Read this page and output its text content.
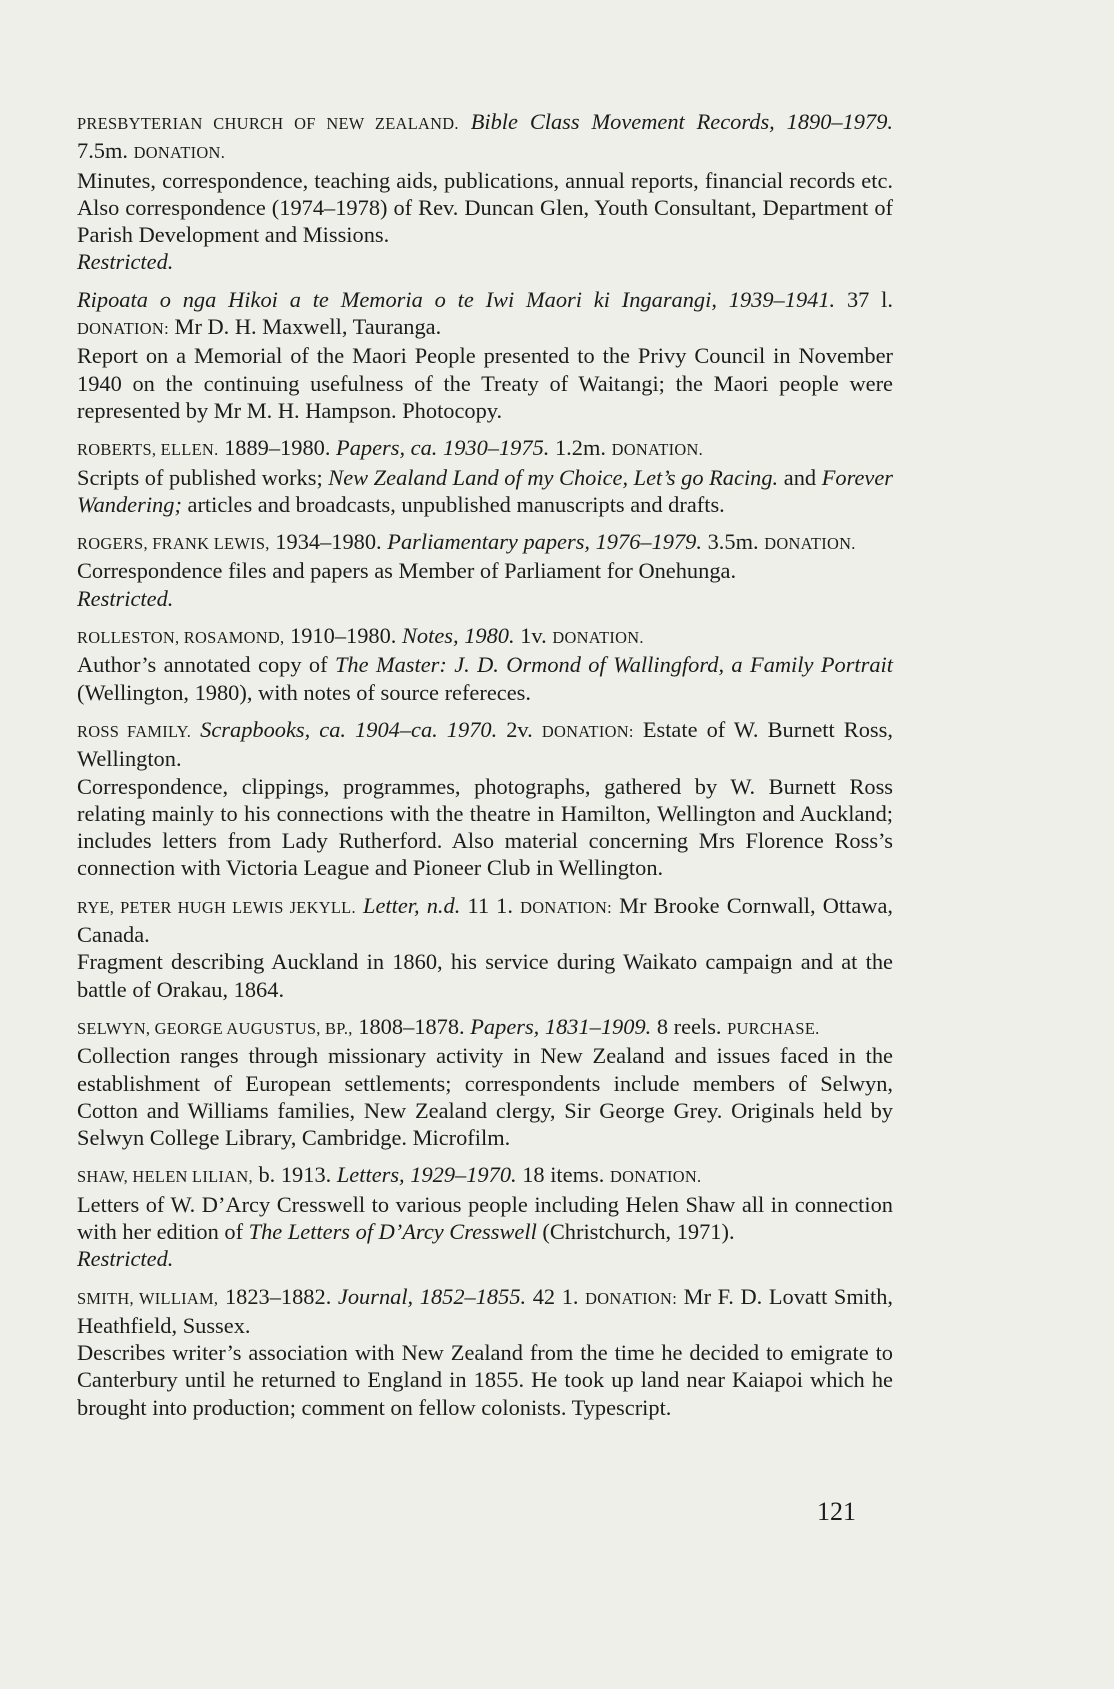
PRESBYTERIAN CHURCH OF NEW ZEALAND. Bible Class Movement Records, 1890–1979. 7.5m. DONATION.

Minutes, correspondence, teaching aids, publications, annual reports, financial records etc. Also correspondence (1974–1978) of Rev. Duncan Glen, Youth Consultant, Department of Parish Development and Missions.

Restricted.

Ripoata o nga Hikoi a te Memoria o te Iwi Maori ki Ingarangi, 1939–1941. 37 l. DONATION: Mr D. H. Maxwell, Tauranga.

Report on a Memorial of the Maori People presented to the Privy Council in November 1940 on the continuing usefulness of the Treaty of Waitangi; the Maori people were represented by Mr M. H. Hampson. Photocopy.

ROBERTS, ELLEN. 1889–1980. Papers, ca. 1930–1975. 1.2m. DONATION.

Scripts of published works; New Zealand Land of my Choice, Let’s go Racing. and Forever Wandering; articles and broadcasts, unpublished manuscripts and drafts.

ROGERS, FRANK LEWIS, 1934–1980. Parliamentary papers, 1976–1979. 3.5m. DONATION.

Correspondence files and papers as Member of Parliament for Onehunga.

Restricted.

ROLLESTON, ROSAMOND, 1910–1980. Notes, 1980. 1v. DONATION.

Author’s annotated copy of The Master: J. D. Ormond of Wallingford, a Family Portrait (Wellington, 1980), with notes of source refereces.

ROSS FAMILY. Scrapbooks, ca. 1904–ca. 1970. 2v. DONATION: Estate of W. Burnett Ross, Wellington.

Correspondence, clippings, programmes, photographs, gathered by W. Burnett Ross relating mainly to his connections with the theatre in Hamilton, Wellington and Auckland; includes letters from Lady Rutherford. Also material concerning Mrs Florence Ross’s connection with Victoria League and Pioneer Club in Wellington.

RYE, PETER HUGH LEWIS JEKYLL. Letter, n.d. 11 1. DONATION: Mr Brooke Cornwall, Ottawa, Canada.

Fragment describing Auckland in 1860, his service during Waikato campaign and at the battle of Orakau, 1864.

SELWYN, GEORGE AUGUSTUS, BP., 1808–1878. Papers, 1831–1909. 8 reels. PURCHASE.

Collection ranges through missionary activity in New Zealand and issues faced in the establishment of European settlements; correspondents include members of Selwyn, Cotton and Williams families, New Zealand clergy, Sir George Grey. Originals held by Selwyn College Library, Cambridge. Microfilm.

SHAW, HELEN LILIAN, b. 1913. Letters, 1929–1970. 18 items. DONATION.

Letters of W. D’Arcy Cresswell to various people including Helen Shaw all in connection with her edition of The Letters of D’Arcy Cresswell (Christchurch, 1971).

Restricted.

SMITH, WILLIAM, 1823–1882. Journal, 1852–1855. 42 1. DONATION: Mr F. D. Lovatt Smith, Heathfield, Sussex.

Describes writer’s association with New Zealand from the time he decided to emigrate to Canterbury until he returned to England in 1855. He took up land near Kaiapoi which he brought into production; comment on fellow colonists. Typescript.

121
